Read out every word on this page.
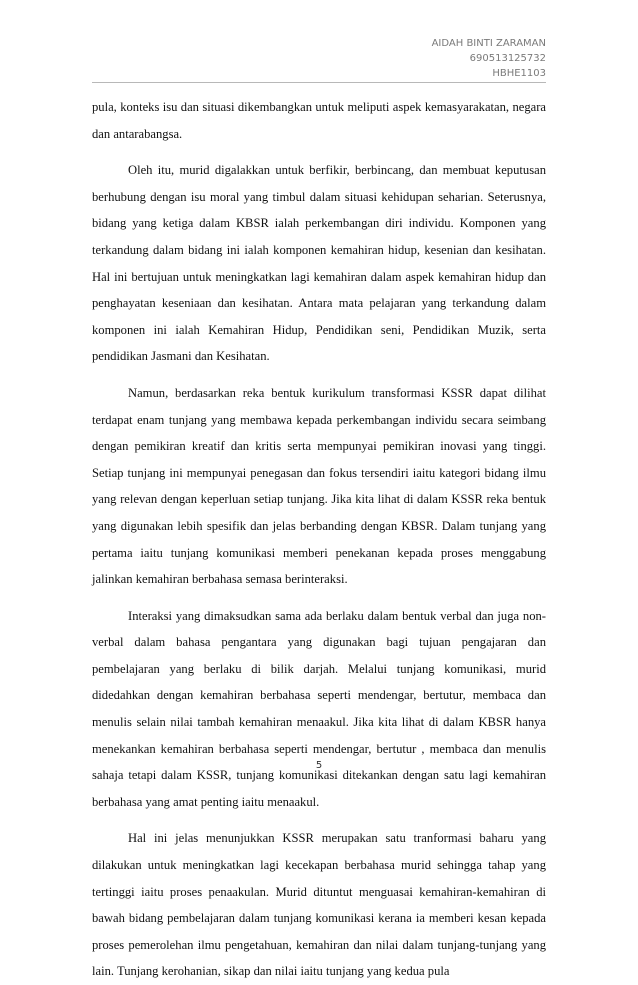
AIDAH BINTI ZARAMAN
690513125732
HBHE1103

pula, konteks isu dan situasi dikembangkan untuk meliputi aspek kemasyarakatan, negara dan antarabangsa.

Oleh itu, murid digalakkan untuk berfikir, berbincang, dan membuat keputusan berhubung dengan isu moral yang timbul dalam situasi kehidupan seharian. Seterusnya, bidang yang ketiga dalam KBSR ialah perkembangan diri individu. Komponen yang terkandung dalam bidang ini ialah komponen kemahiran hidup, kesenian dan kesihatan. Hal ini bertujuan untuk meningkatkan lagi kemahiran dalam aspek kemahiran hidup dan penghayatan keseniaan dan kesihatan. Antara mata pelajaran yang terkandung dalam komponen ini ialah Kemahiran Hidup, Pendidikan seni, Pendidikan Muzik, serta pendidikan Jasmani dan Kesihatan.

Namun, berdasarkan reka bentuk kurikulum transformasi KSSR dapat dilihat terdapat enam tunjang yang membawa kepada perkembangan individu secara seimbang dengan pemikiran kreatif dan kritis serta mempunyai pemikiran inovasi yang tinggi. Setiap tunjang ini mempunyai penegasan dan fokus tersendiri iaitu kategori bidang ilmu yang relevan dengan keperluan setiap tunjang. Jika kita lihat di dalam KSSR reka bentuk yang digunakan lebih spesifik dan jelas berbanding dengan KBSR. Dalam tunjang yang pertama iaitu tunjang komunikasi memberi penekanan kepada proses menggabung jalinkan kemahiran berbahasa semasa berinteraksi.

Interaksi yang dimaksudkan sama ada berlaku dalam bentuk verbal dan juga non-verbal dalam bahasa pengantara yang digunakan bagi tujuan pengajaran dan pembelajaran yang berlaku di bilik darjah. Melalui tunjang komunikasi, murid didedahkan dengan kemahiran berbahasa seperti mendengar, bertutur, membaca dan menulis selain nilai tambah kemahiran menaakul. Jika kita lihat di dalam KBSR hanya menekankan kemahiran berbahasa seperti mendengar, bertutur , membaca dan menulis sahaja tetapi dalam KSSR, tunjang komunikasi ditekankan dengan satu lagi kemahiran berbahasa yang amat penting iaitu menaakul.

Hal ini jelas menunjukkan KSSR merupakan satu tranformasi baharu yang dilakukan untuk meningkatkan lagi kecekapan berbahasa murid sehingga tahap yang tertinggi iaitu proses penaakulan. Murid dituntut menguasai kemahiran-kemahiran di bawah bidang pembelajaran dalam tunjang komunikasi kerana ia memberi kesan kepada proses pemerolehan ilmu pengetahuan, kemahiran dan nilai dalam tunjang-tunjang yang lain. Tunjang kerohanian, sikap dan nilai iaitu tunjang yang kedua pula

5
